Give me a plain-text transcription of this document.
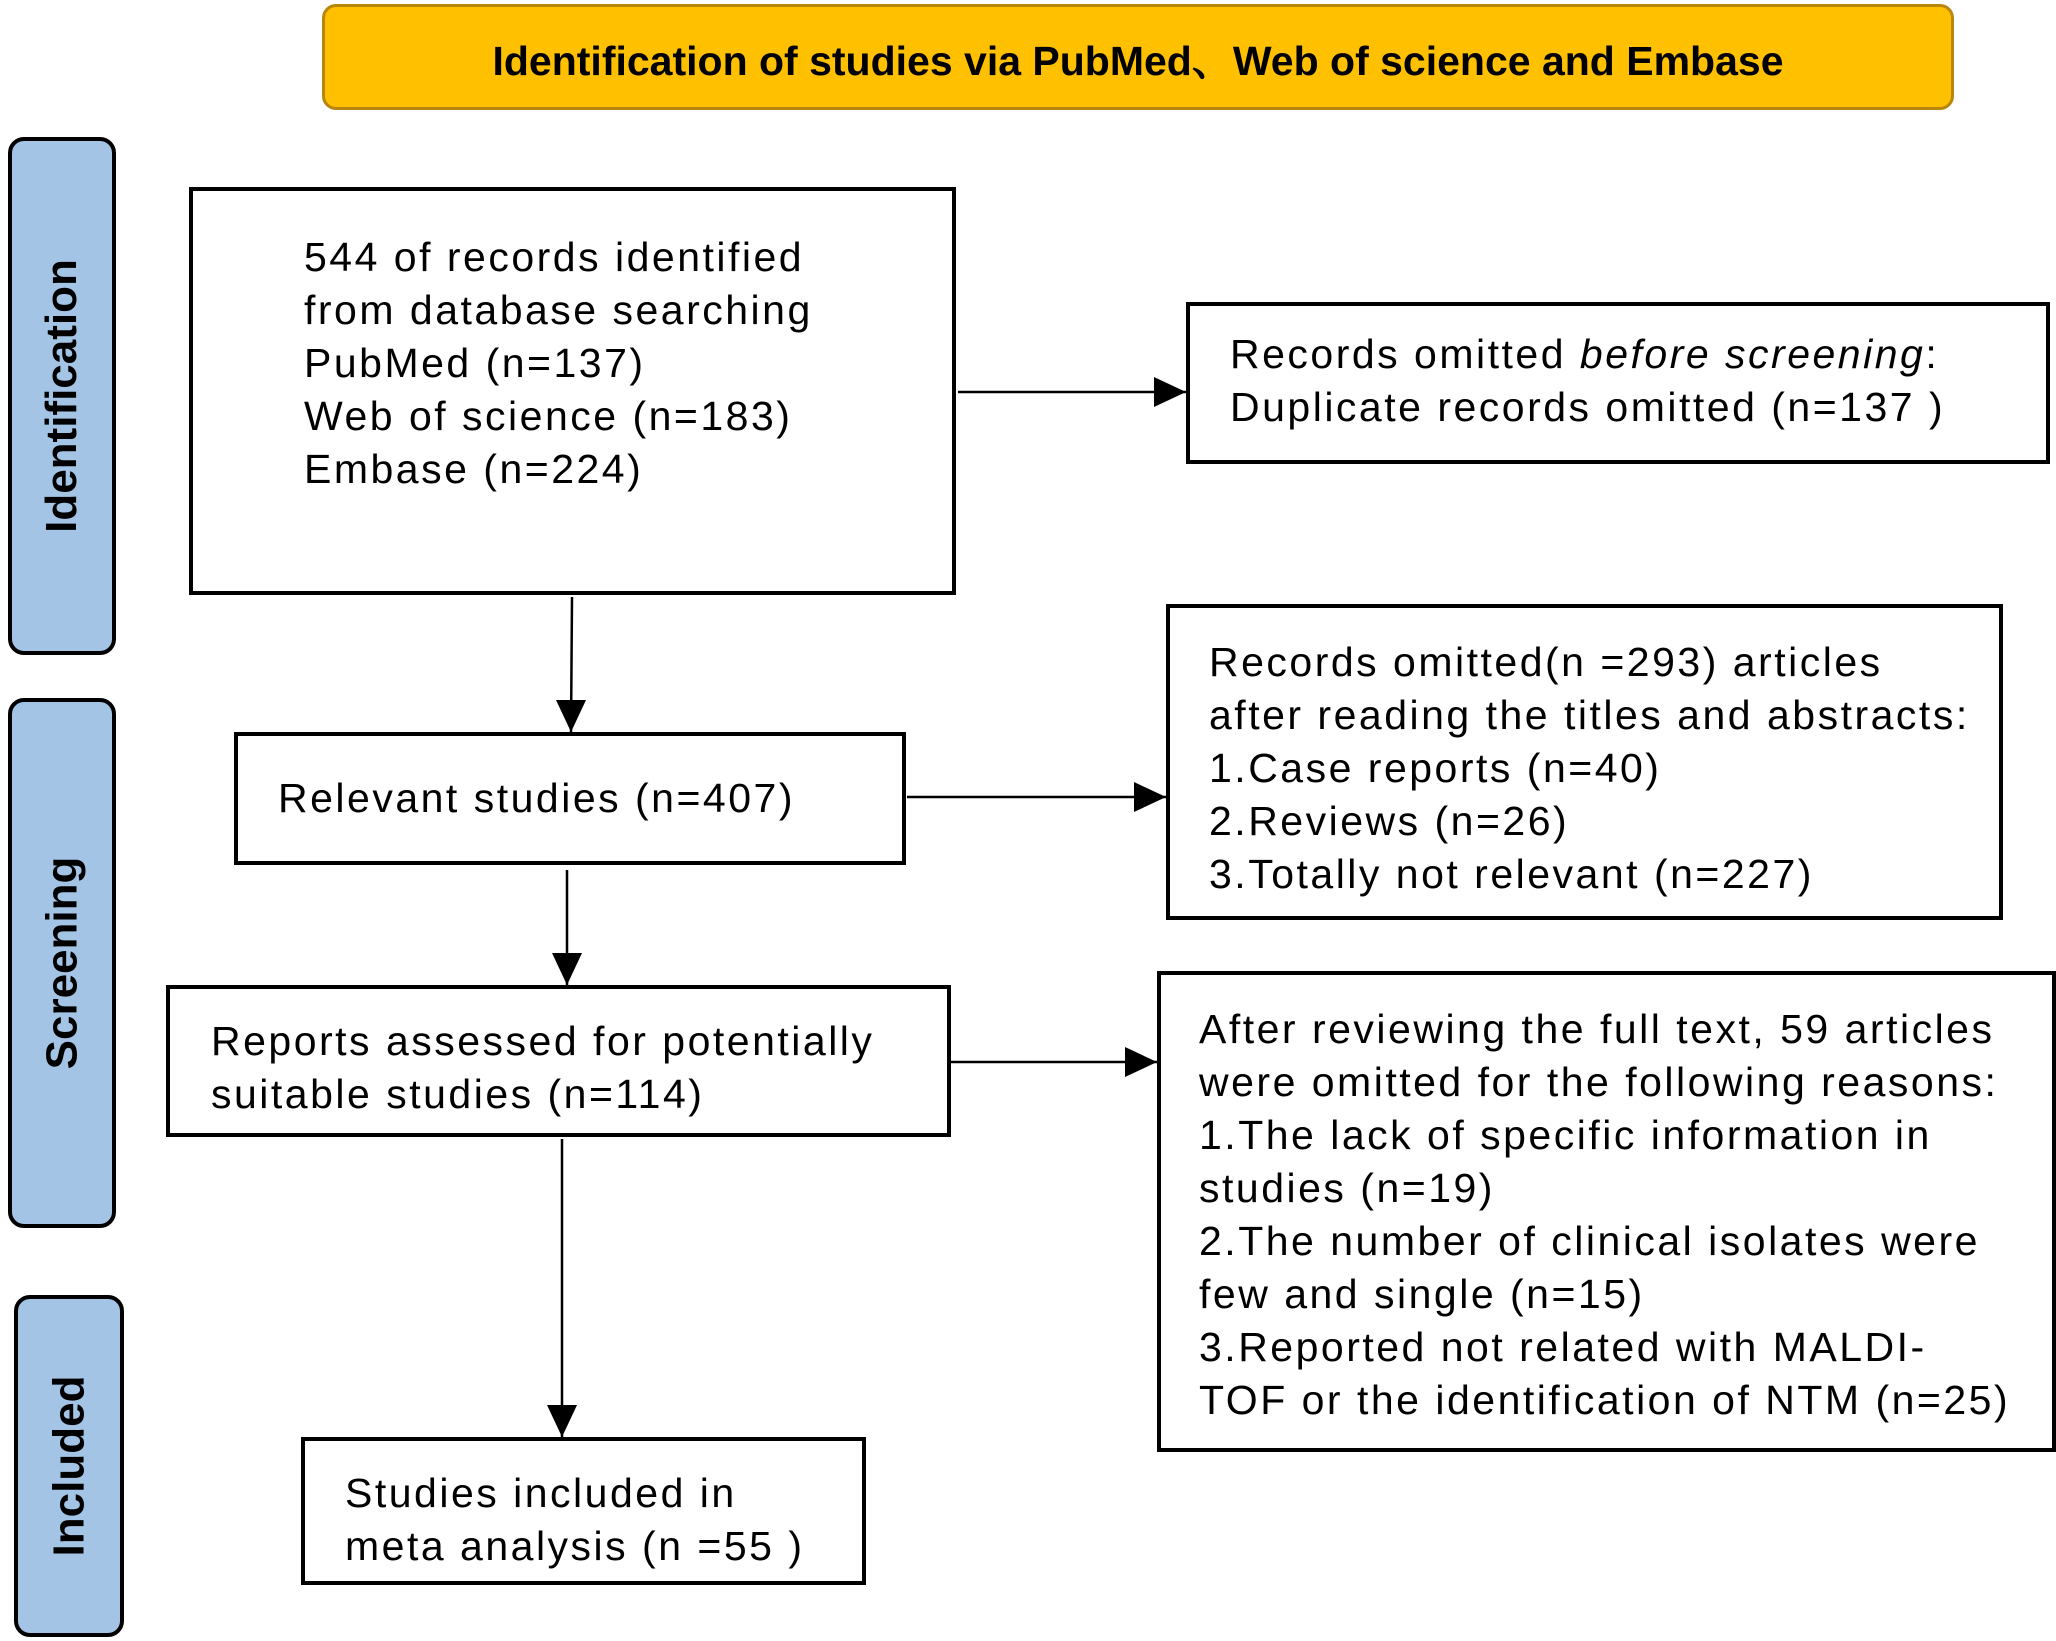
Identification of studies via PubMed、Web of science and Embase
Identification
Screening
Included

544 of records identified

from database searching

PubMed (n=137)

Web of science (n=183)

Embase (n=224)

Records omitted before screening:

Duplicate records omitted (n=137 )

Relevant studies (n=407)

Records omitted(n =293) articles

after reading the titles and abstracts:

1.Case reports (n=40)

2.Reviews (n=26)

3.Totally not relevant (n=227)

Reports assessed for potentially

suitable studies (n=114)

After reviewing the full text, 59 articles

were omitted for the following reasons:

1.The lack of specific information in

studies (n=19)

2.The number of clinical isolates were

few and single (n=15)

3.Reported not related with MALDI-

TOF or the identification of NTM (n=25)

Studies included in

meta analysis (n =55 )
